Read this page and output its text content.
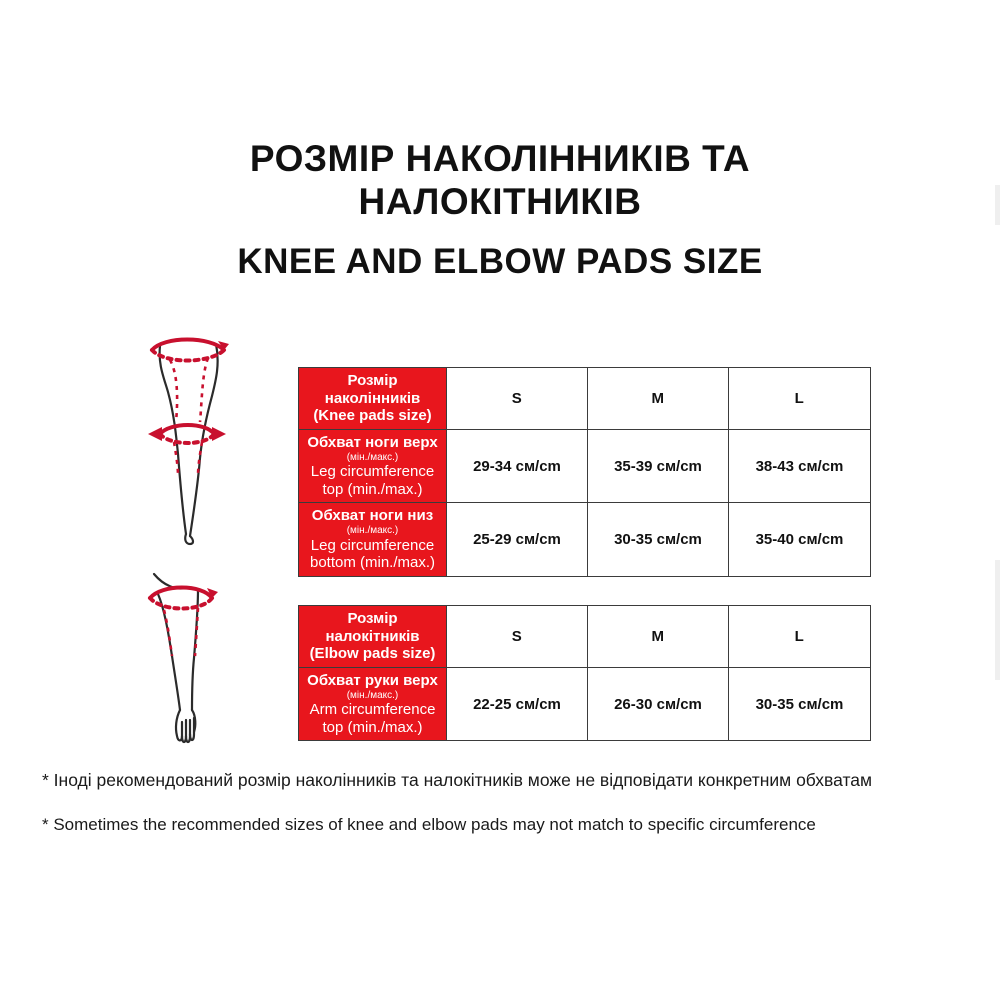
РОЗМІР НАКОЛІННИКІВ ТА
НАЛОКІТНИКІВ
KNEE AND ELBOW PADS SIZE
Розмір
наколінників
(Knee pads size)	S	M	L

Обхват ноги верх
(мін./макс.)
Leg circumference
top (min./max.)	29-34 см/cm	35-39 см/cm	38-43 см/cm

Обхват ноги низ
(мін./макс.)
Leg circumference
bottom (min./max.)	25-29 см/cm	30-35 см/cm	35-40 см/cm
Розмір
налокітників
(Elbow pads size)	S	M	L

Обхват руки верх
(мін./макс.)
Arm circumference
top (min./max.)	22-25 см/cm	26-30 см/cm	30-35 см/cm
* Іноді рекомендований розмір наколінників та налокітників може не відповідати конкретним обхватам
* Sometimes the recommended sizes of knee and elbow pads may not match to specific circumference
